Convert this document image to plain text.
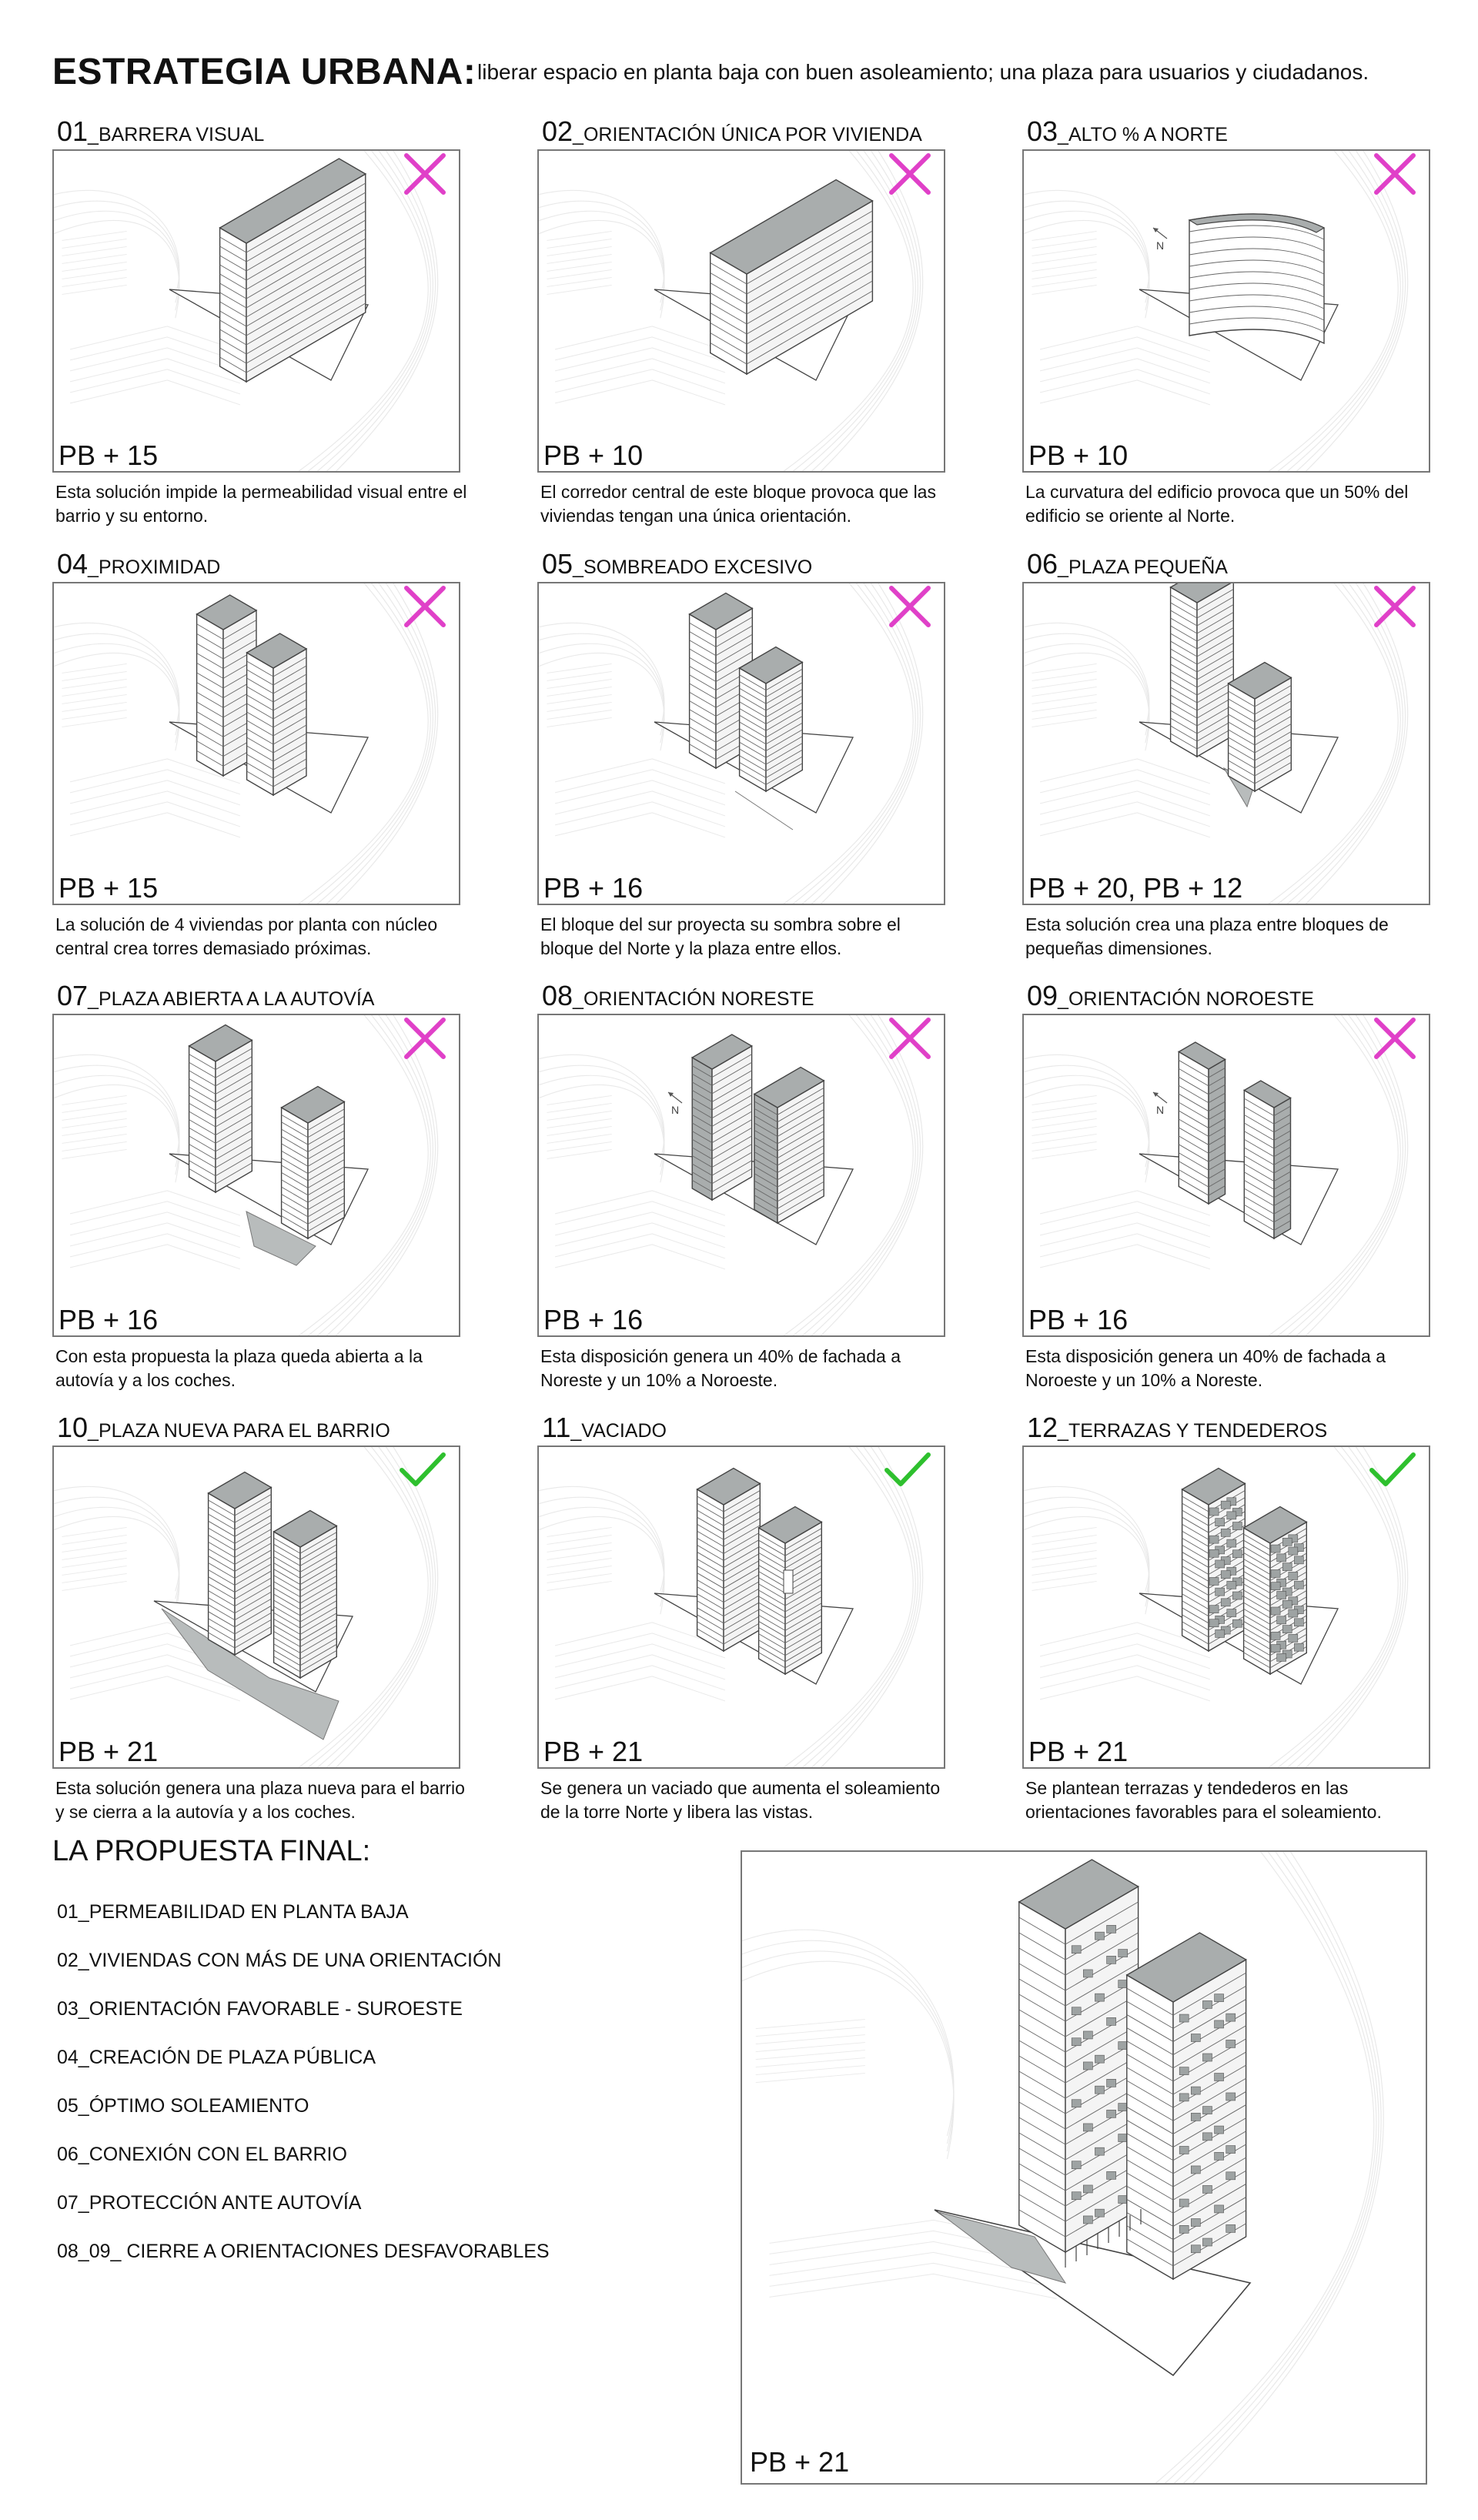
ESTRATEGIA URBANA: liberar espacio en planta baja con buen asoleamiento; una plaza para usuarios y ciudadanos.
01_BARRERA VISUAL
PB + 15
Esta solución impide la permeabilidad visual entre el barrio y su entorno.
02_ORIENTACIÓN ÚNICA POR VIVIENDA
PB + 10
El corredor central de este bloque provoca que las viviendas tengan una única orientación.
03_ALTO % A NORTE
N
PB + 10
La curvatura del edificio provoca que un 50% del edificio se oriente al Norte.
04_PROXIMIDAD
PB + 15
La solución de 4 viviendas por planta con núcleo central crea torres demasiado próximas.
05_SOMBREADO EXCESIVO
PB + 16
El bloque del sur proyecta su sombra sobre el bloque del Norte y la plaza entre ellos.
06_PLAZA PEQUEÑA
PB + 20, PB + 12
Esta solución crea una plaza entre bloques de pequeñas dimensiones.
07_PLAZA ABIERTA A LA AUTOVÍA
PB + 16
Con esta propuesta la plaza queda abierta a la autovía y a los coches.
08_ORIENTACIÓN NORESTE
N
PB + 16
Esta disposición genera un 40% de fachada a Noreste y un 10% a Noroeste.
09_ORIENTACIÓN NOROESTE
N
PB + 16
Esta disposición genera un 40% de fachada a Noroeste y un 10% a Noreste.
10_PLAZA NUEVA PARA EL BARRIO
PB + 21
Esta solución genera una plaza nueva para el barrio y se cierra a la autovía y a los coches.
11_VACIADO
PB + 21
Se genera un vaciado que aumenta el soleamiento de la torre Norte y libera las vistas.
12_TERRAZAS Y TENDEDEROS
PB + 21
Se plantean terrazas y tendederos en las orientaciones favorables para el soleamiento.
LA PROPUESTA FINAL:
01_PERMEABILIDAD EN PLANTA BAJA
02_VIVIENDAS CON MÁS DE UNA ORIENTACIÓN
03_ORIENTACIÓN FAVORABLE - SUROESTE
04_CREACIÓN DE PLAZA PÚBLICA
05_ÓPTIMO SOLEAMIENTO
06_CONEXIÓN CON EL BARRIO
07_PROTECCIÓN ANTE AUTOVÍA
08_09_ CIERRE A ORIENTACIONES DESFAVORABLES
PB + 21
